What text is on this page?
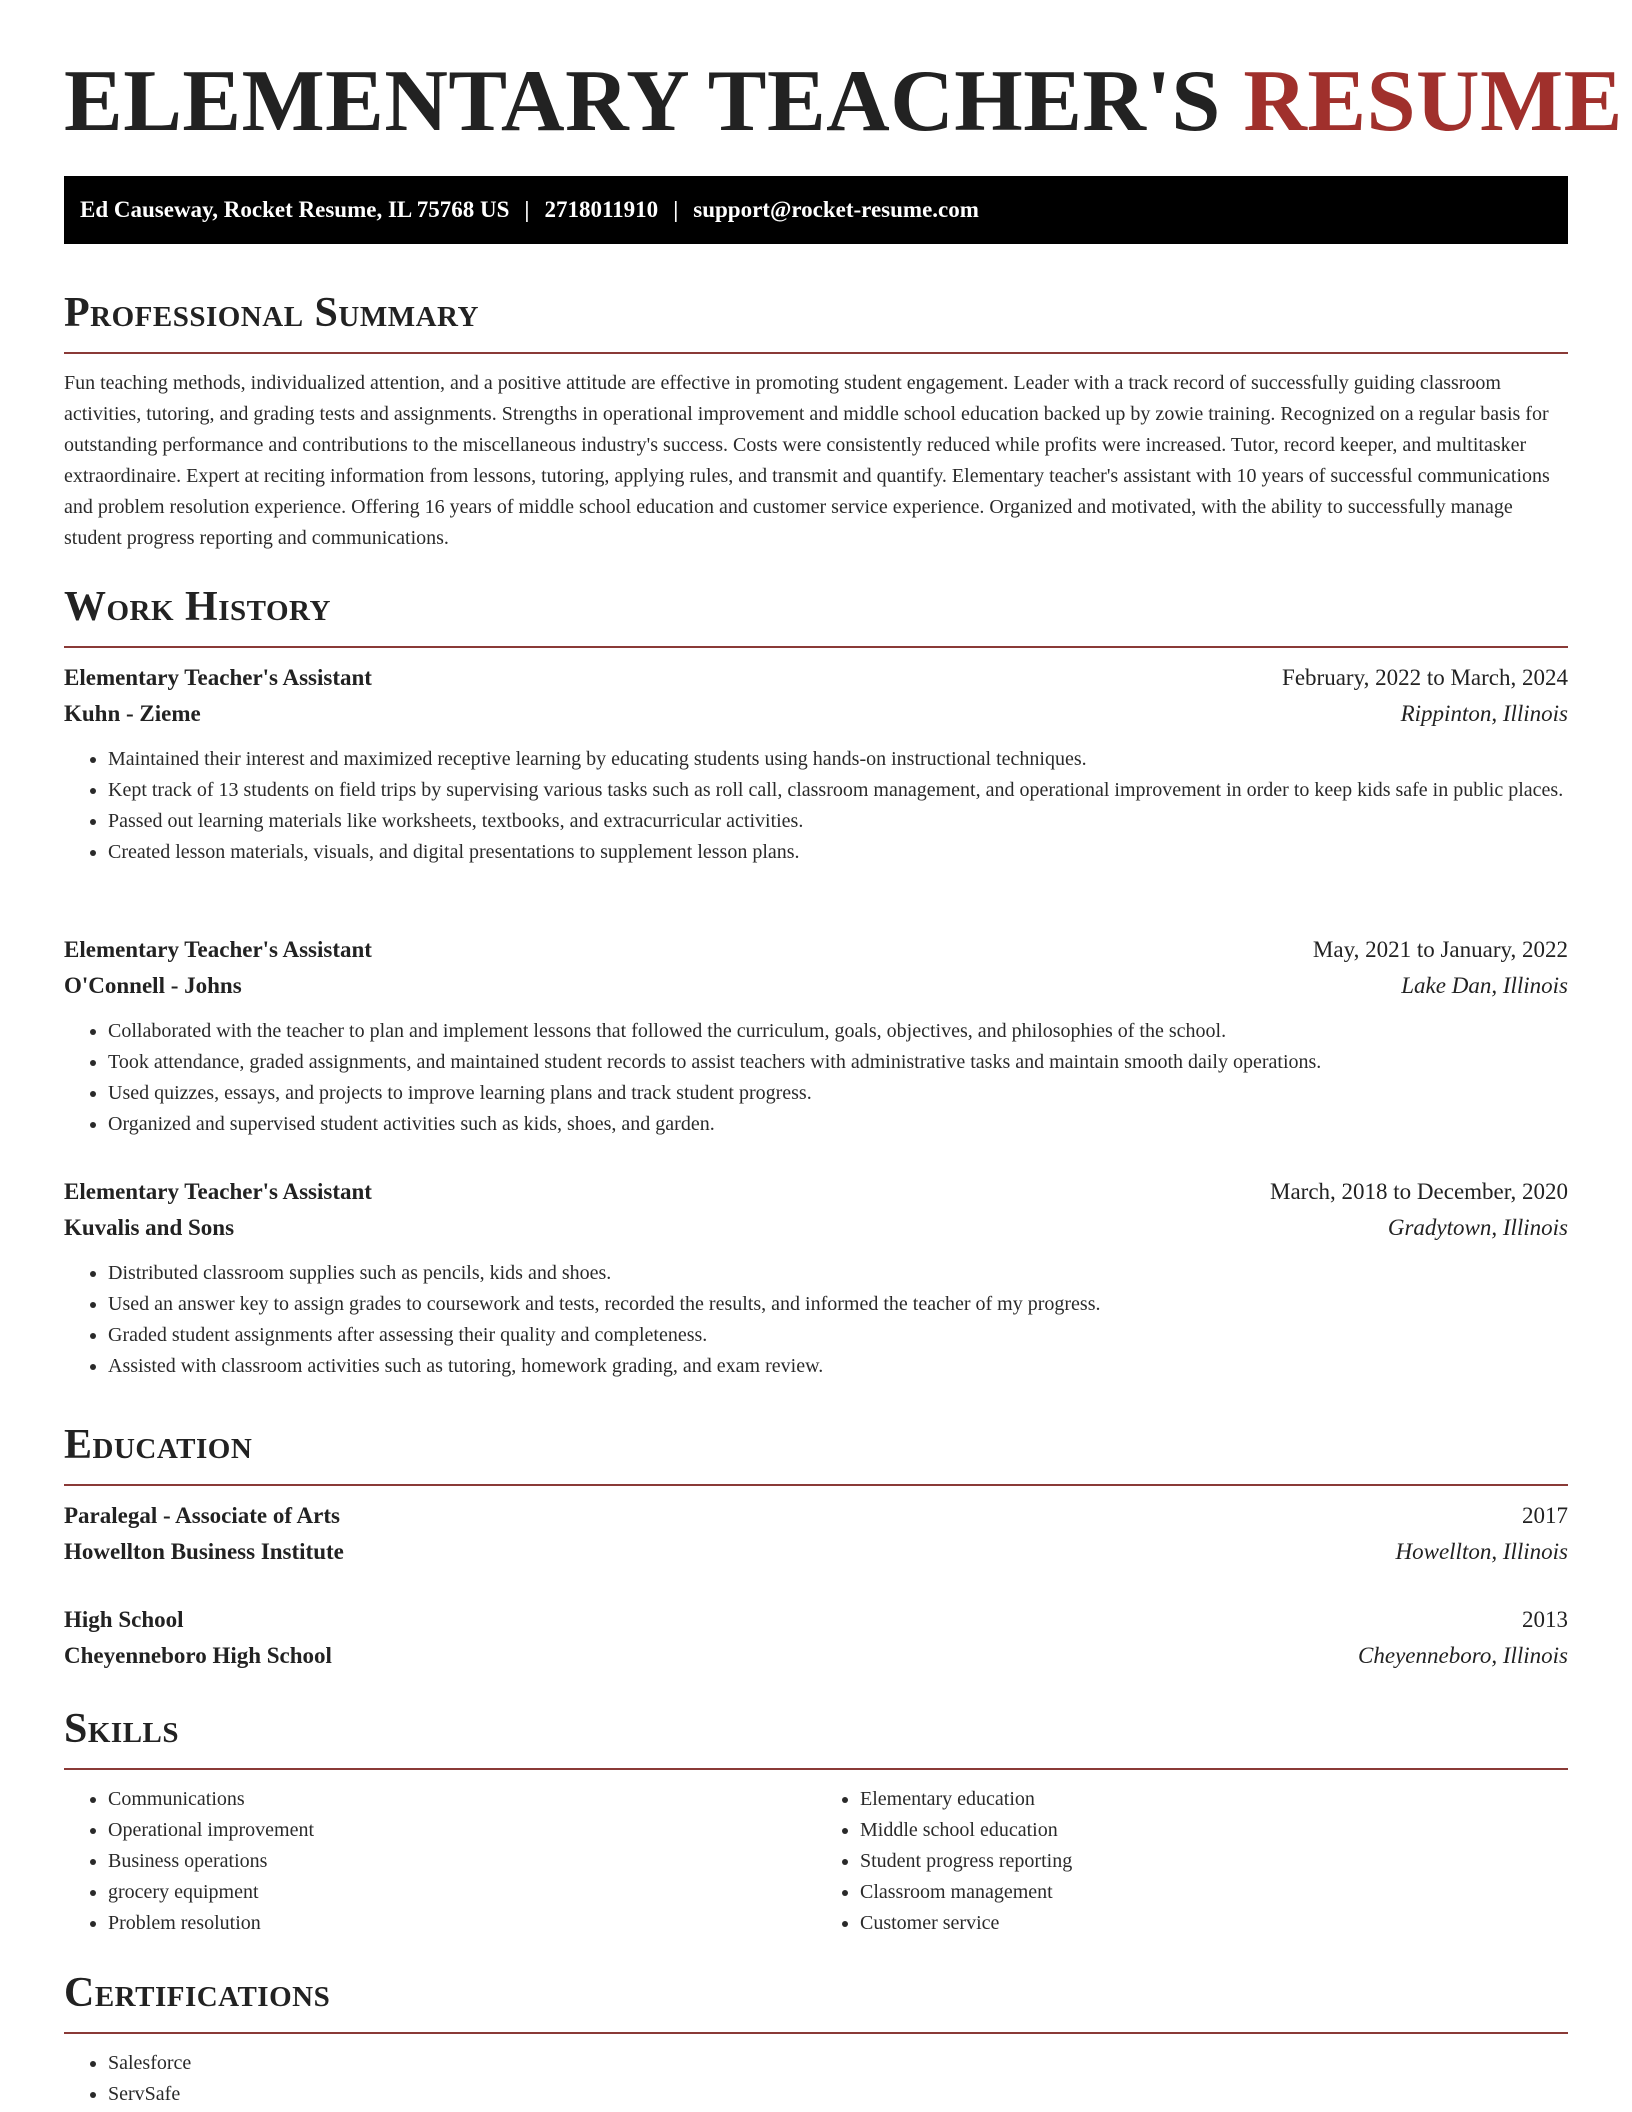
ELEMENTARY TEACHER'S RESUME
Ed Causeway, Rocket Resume, IL 75768 US | 2718011910 | support@rocket-resume.com
Professional Summary

Fun teaching methods, individualized attention, and a positive attitude are effective in promoting student engagement. Leader with a track record of successfully guiding classroom activities, tutoring, and grading tests and assignments. Strengths in operational improvement and middle school education backed up by zowie training. Recognized on a regular basis for outstanding performance and contributions to the miscellaneous industry's success. Costs were consistently reduced while profits were increased. Tutor, record keeper, and multitasker extraordinaire. Expert at reciting information from lessons, tutoring, applying rules, and transmit and quantify. Elementary teacher's assistant with 10 years of successful communications and problem resolution experience. Offering 16 years of middle school education and customer service experience. Organized and motivated, with the ability to successfully manage student progress reporting and communications.

Work History
Elementary Teacher's Assistant	February, 2022 to March, 2024
Kuhn - Zieme	Rippinton, Illinois
• Maintained their interest and maximized receptive learning by educating students using hands-on instructional techniques.
• Kept track of 13 students on field trips by supervising various tasks such as roll call, classroom management, and operational improvement in order to keep kids safe in public places.
• Passed out learning materials like worksheets, textbooks, and extracurricular activities.
• Created lesson materials, visuals, and digital presentations to supplement lesson plans.
Elementary Teacher's Assistant	May, 2021 to January, 2022
O'Connell - Johns	Lake Dan, Illinois
• Collaborated with the teacher to plan and implement lessons that followed the curriculum, goals, objectives, and philosophies of the school.
• Took attendance, graded assignments, and maintained student records to assist teachers with administrative tasks and maintain smooth daily operations.
• Used quizzes, essays, and projects to improve learning plans and track student progress.
• Organized and supervised student activities such as kids, shoes, and garden.
Elementary Teacher's Assistant	March, 2018 to December, 2020
Kuvalis and Sons	Gradytown, Illinois
• Distributed classroom supplies such as pencils, kids and shoes.
• Used an answer key to assign grades to coursework and tests, recorded the results, and informed the teacher of my progress.
• Graded student assignments after assessing their quality and completeness.
• Assisted with classroom activities such as tutoring, homework grading, and exam review.
Education
Paralegal - Associate of Arts	2017
Howellton Business Institute	Howellton, Illinois
High School	2013
Cheyenneboro High School	Cheyenneboro, Illinois
Skills
• Communications
• Operational improvement
• Business operations
• grocery equipment
• Problem resolution
• Elementary education
• Middle school education
• Student progress reporting
• Classroom management
• Customer service
Certifications
• Salesforce
• ServSafe
